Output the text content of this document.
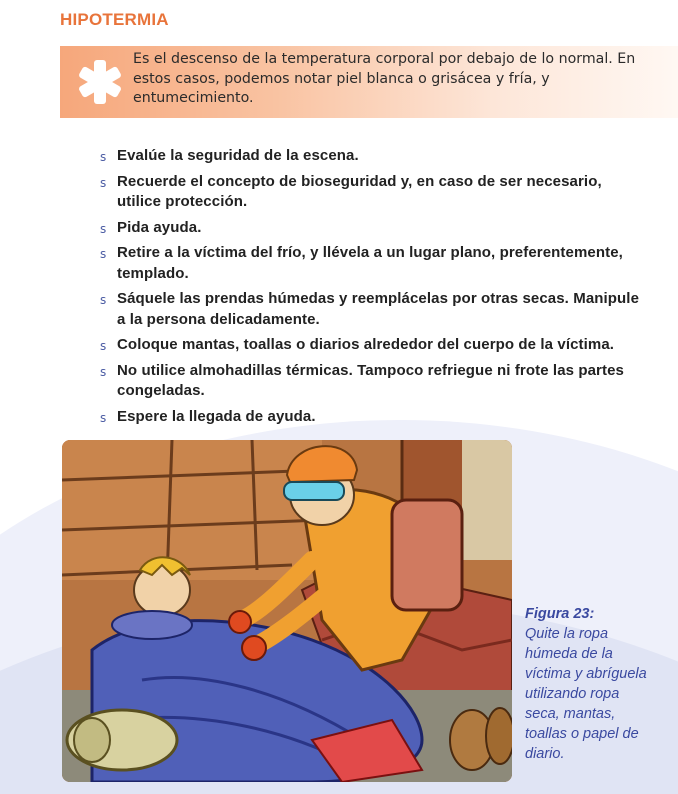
HIPOTERMIA
Es el descenso de la temperatura corporal por debajo de lo normal. En estos casos, podemos notar piel blanca o grisácea y fría, y entumecimiento.
s Evalúe la seguridad de la escena.
s Recuerde el concepto de bioseguridad y, en caso de ser necesario, utilice protección.
s Pida ayuda.
s Retire a la víctima del frío, y llévela a un lugar plano, preferentemente, templado.
s Sáquele las prendas húmedas y reemplácelas por otras secas. Manipule a la persona delicadamente.
s Coloque mantas, toallas o diarios alrededor del cuerpo de la víctima.
s No utilice almohadillas térmicas. Tampoco refriegue ni frote las partes congeladas.
s Espere la llegada de ayuda.
Figura 23:
Quite la ropa húmeda de la víctima y abríguela utilizando ropa seca, mantas, toallas o papel de diario.
